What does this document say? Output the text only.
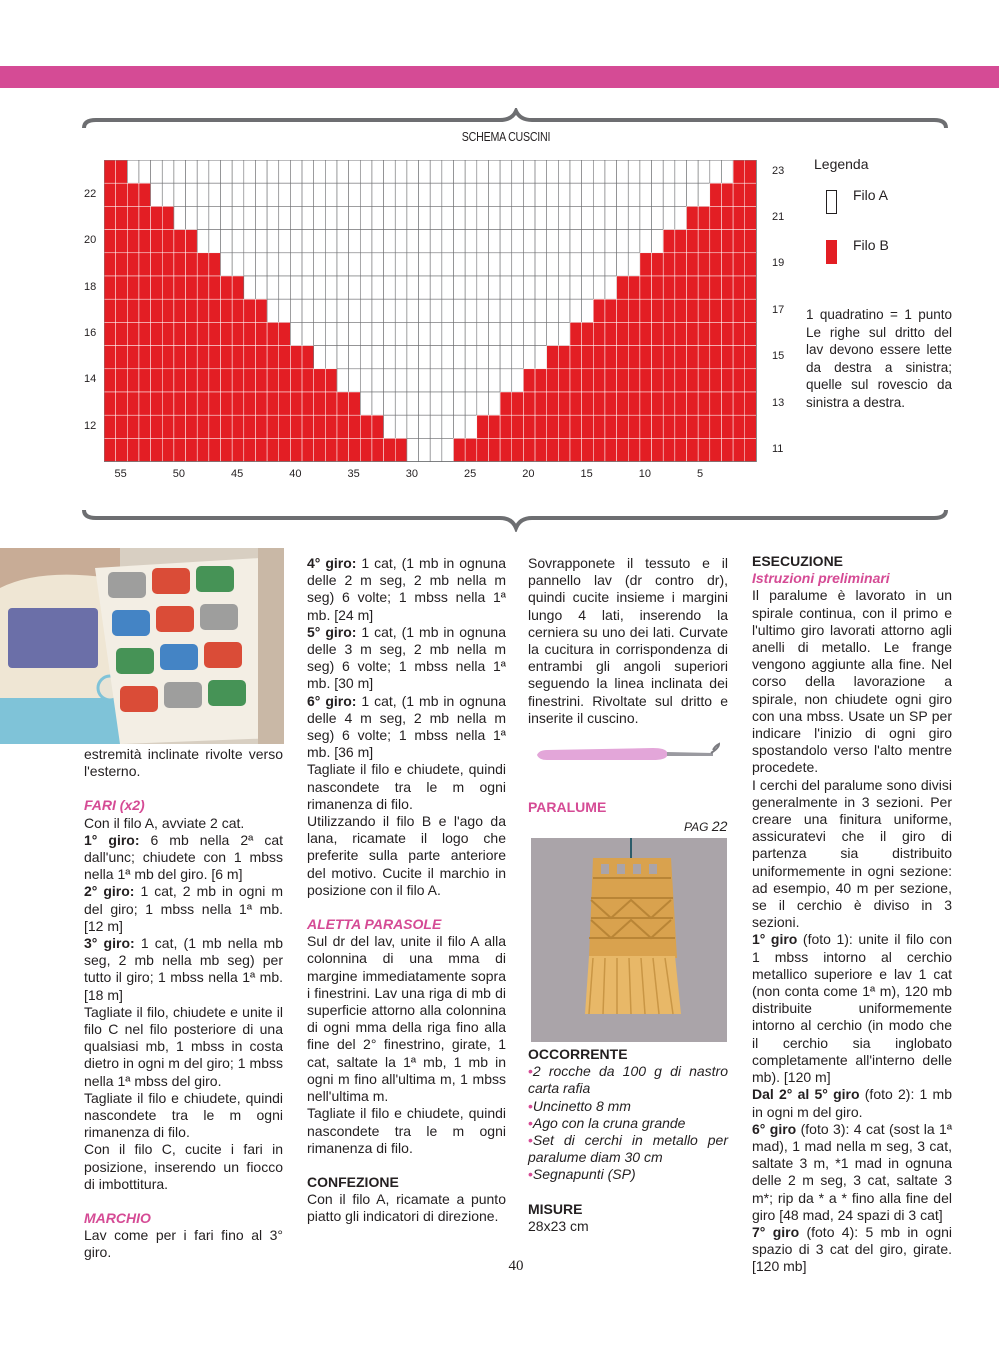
SCHEMA CUSCINI
22
20
18
16
14
12
23
21
19
17
15
13
11
55	50	45	40	35	30	25	20	15	10	5
Legenda
Filo A
Filo B
1 quadratino = 1 punto Le righe sul dritto del lav devono essere lette da destra a sinistra; quelle sul rovescio da sinistra a destra.

estremità inclinate rivolte verso l'esterno.

FARI (x2)

Con il filo A, avviate 2 cat.

1° giro: 6 mb nella 2ª cat dall'unc; chiudete con 1 mbss nella 1ª mb del giro. [6 m]

2° giro: 1 cat, 2 mb in ogni m del giro; 1 mbss nella 1ª mb. [12 m]

3° giro: 1 cat, (1 mb nella mb seg, 2 mb nella mb seg) per tutto il giro; 1 mbss nella 1ª mb. [18 m]

Tagliate il filo, chiudete e unite il filo C nel filo posteriore di una qualsiasi mb, 1 mbss in costa dietro in ogni m del giro; 1 mbss nella 1ª mbss del giro.

Tagliate il filo e chiudete, quindi nascondete tra le m ogni rimanenza di filo.

Con il filo C, cucite i fari in posizione, inserendo un fiocco di imbottitura.

MARCHIO

Lav come per i fari fino al 3° giro.

4° giro: 1 cat, (1 mb in ognuna delle 2 m seg, 2 mb nella m seg) 6 volte; 1 mbss nella 1ª mb. [24 m]

5° giro: 1 cat, (1 mb in ognuna delle 3 m seg, 2 mb nella m seg) 6 volte; 1 mbss nella 1ª mb. [30 m]

6° giro: 1 cat, (1 mb in ognuna delle 4 m seg, 2 mb nella m seg) 6 volte; 1 mbss nella 1ª mb. [36 m]

Tagliate il filo e chiudete, quindi nascondete tra le m ogni rimanenza di filo.

Utilizzando il filo B e l'ago da lana, ricamate il logo che preferite sulla parte anteriore del motivo. Cucite il marchio in posizione con il filo A.

ALETTA PARASOLE

Sul dr del lav, unite il filo A alla colonnina di una mma di margine immediatamente sopra i finestrini. Lav una riga di mb di superficie attorno alla colonnina di ogni mma della riga fino alla fine del 2° finestrino, girate, 1 cat, saltate la 1ª mb, 1 mb in ogni m fino all'ultima m, 1 mbss nell'ultima m.

Tagliate il filo e chiudete, quindi nascondete tra le m ogni rimanenza di filo.

CONFEZIONE

Con il filo A, ricamate a punto piatto gli indicatori di direzione.

Sovrapponete il tessuto e il pannello lav (dr contro dr), quindi cucite insieme i margini lungo 4 lati, inserendo la cerniera su uno dei lati. Curvate la cucitura in corrispondenza di entrambi gli angoli superiori seguendo la linea inclinata dei finestrini. Rivoltate sul dritto e inserite il cuscino.

PARALUME

PAG 22

OCCORRENTE

• 2 rocche da 100 g di nastro carta rafia

• Uncinetto 8 mm

• Ago con la cruna grande

• Set di cerchi in metallo per paralume diam 30 cm

• Segnapunti (SP)

MISURE

28x23 cm

ESECUZIONE

Istruzioni preliminari

Il paralume è lavorato in un spirale continua, con il primo e l'ultimo giro lavorati attorno agli anelli di metallo. Le frange vengono aggiunte alla fine. Nel corso della lavorazione a spirale, non chiudete ogni giro con una mbss. Usate un SP per indicare l'inizio di ogni giro spostandolo verso l'alto mentre procedete.

I cerchi del paralume sono divisi generalmente in 3 sezioni. Per creare una finitura uniforme, assicuratevi che il giro di partenza sia distribuito uniformemente in ogni sezione: ad esempio, 40 m per sezione, se il cerchio è diviso in 3 sezioni.

1° giro (foto 1): unite il filo con 1 mbss intorno al cerchio metallico superiore e lav 1 cat (non conta come 1ª m), 120 mb distribuite uniformemente intorno al cerchio (in modo che il cerchio sia inglobato completamente all'interno delle mb). [120 m]

Dal 2° al 5° giro (foto 2): 1 mb in ogni m del giro.

6° giro (foto 3): 4 cat (sost la 1ª mad), 1 mad nella m seg, 3 cat, saltate 3 m, *1 mad in ognuna delle 2 m seg, 3 cat, saltate 3 m*; rip da * a * fino alla fine del giro [48 mad, 24 spazi di 3 cat]

7° giro (foto 4): 5 mb in ogni spazio di 3 cat del giro, girate. [120 mb]

40
